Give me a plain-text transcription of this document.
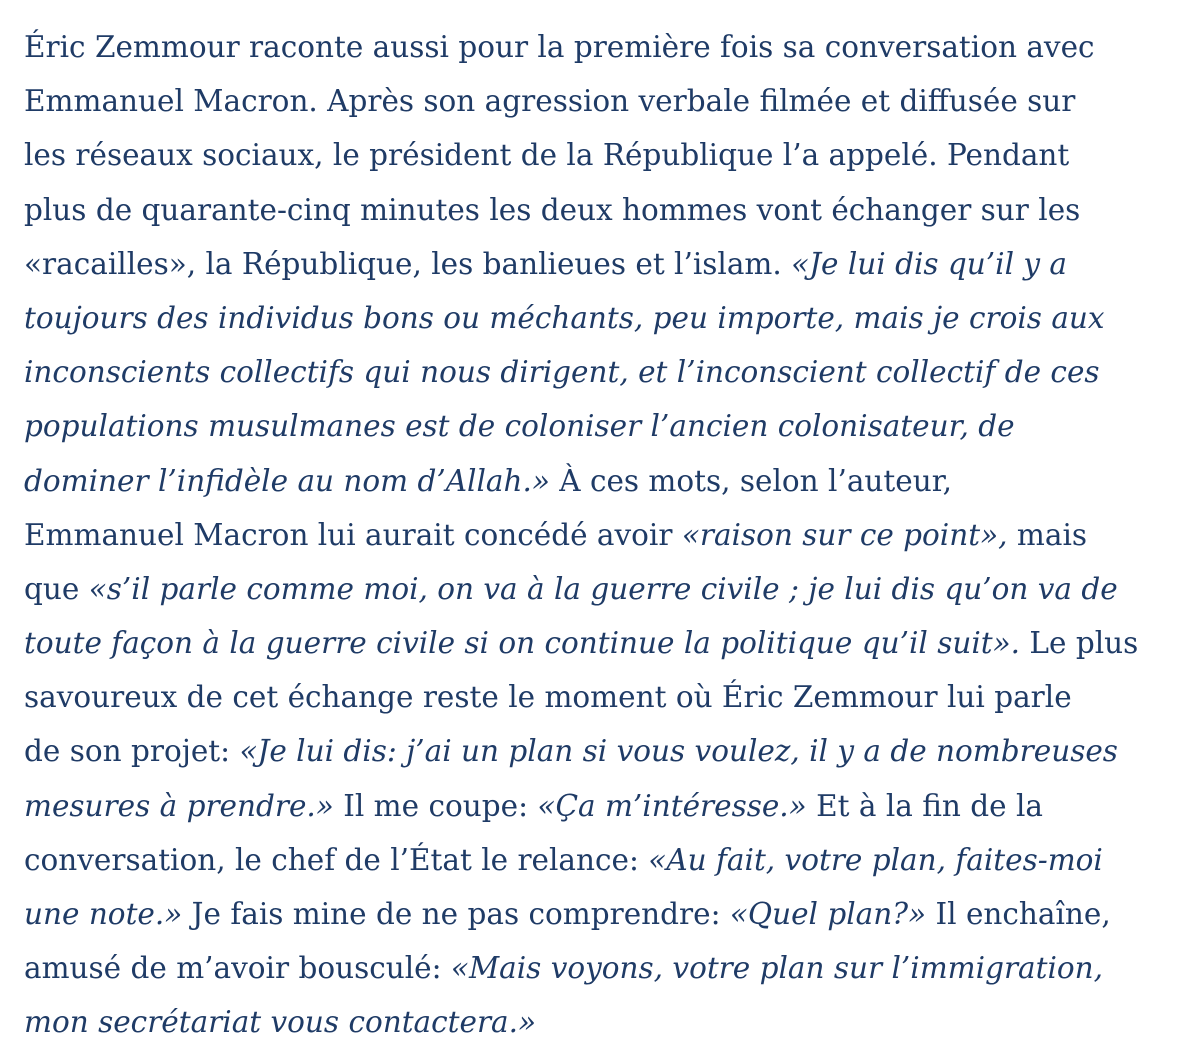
Éric Zemmour raconte aussi pour la première fois sa conversation avec
Emmanuel Macron. Après son agression verbale filmée et diffusée sur
les réseaux sociaux, le président de la République l’a appelé. Pendant
plus de quarante-cinq minutes les deux hommes vont échanger sur les
«racailles», la République, les banlieues et l’islam. «Je lui dis qu’il y a
toujours des individus bons ou méchants, peu importe, mais je crois aux
inconscients collectifs qui nous dirigent, et l’inconscient collectif de ces
populations musulmanes est de coloniser l’ancien colonisateur, de
dominer l’infidèle au nom d’Allah.» À ces mots, selon l’auteur,
Emmanuel Macron lui aurait concédé avoir «raison sur ce point», mais
que «s’il parle comme moi, on va à la guerre civile ; je lui dis qu’on va de
toute façon à la guerre civile si on continue la politique qu’il suit». Le plus
savoureux de cet échange reste le moment où Éric Zemmour lui parle
de son projet: «Je lui dis: j’ai un plan si vous voulez, il y a de nombreuses
mesures à prendre.» Il me coupe: «Ça m’intéresse.» Et à la fin de la
conversation, le chef de l’État le relance: «Au fait, votre plan, faites-moi
une note.» Je fais mine de ne pas comprendre: «Quel plan?» Il enchaîne,
amusé de m’avoir bousculé: «Mais voyons, votre plan sur l’immigration,
mon secrétariat vous contactera.»
